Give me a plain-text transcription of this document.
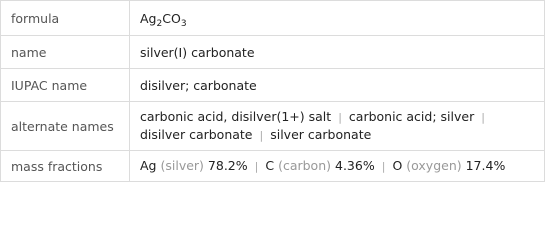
formula	$Ag_2CO_3$
name	silver(I) carbonate
IUPAC name	disilver; carbonate
alternate names	carbonic acid, disilver(1+) salt | carbonic acid; silver |
disilver carbonate | silver carbonate
mass fractions	Ag (silver) 78.2% | C (carbon) 4.36% | O (oxygen) 17.4%
